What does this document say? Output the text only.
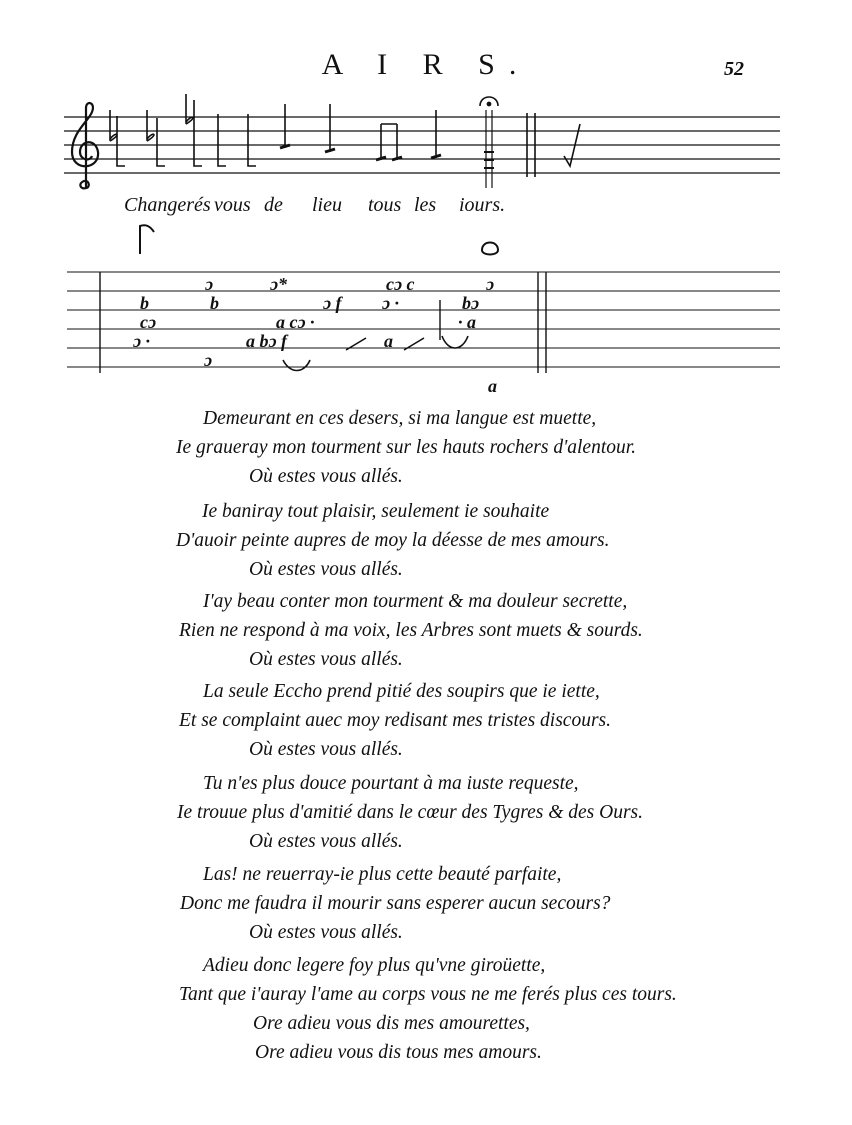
A I R S.	52
ɔ	ɔ*	cɔ c	ɔ
b	b	ɔ f ɔ ·	bɔ
cɔ	a cɔ ·	· a
ɔ ·	a bɔ f	a
ɔ
Changerés vous de lieu tous les iours.
a
Demeurant en ces desers, si ma langue est muette,
Ie graueray mon tourment sur les hauts rochers d'alentour.
Où estes vous allés.
Ie baniray tout plaisir, seulement ie souhaite
D'auoir peinte aupres de moy la déesse de mes amours.
Où estes vous allés.
I'ay beau conter mon tourment & ma douleur secrette,
Rien ne respond à ma voix, les Arbres sont muets & sourds.
Où estes vous allés.
La seule Eccho prend pitié des soupirs que ie iette,
Et se complaint auec moy redisant mes tristes discours.
Où estes vous allés.
Tu n'es plus douce pourtant à ma iuste requeste,
Ie trouue plus d'amitié dans le cœur des Tygres & des Ours.
Où estes vous allés.
Las! ne reuerray-ie plus cette beauté parfaite,
Donc me faudra il mourir sans esperer aucun secours?
Où estes vous allés.
Adieu donc legere foy plus qu'vne giroüette,
Tant que i'auray l'ame au corps vous ne me ferés plus ces tours.
Ore adieu vous dis mes amourettes,
Ore adieu vous dis tous mes amours.
